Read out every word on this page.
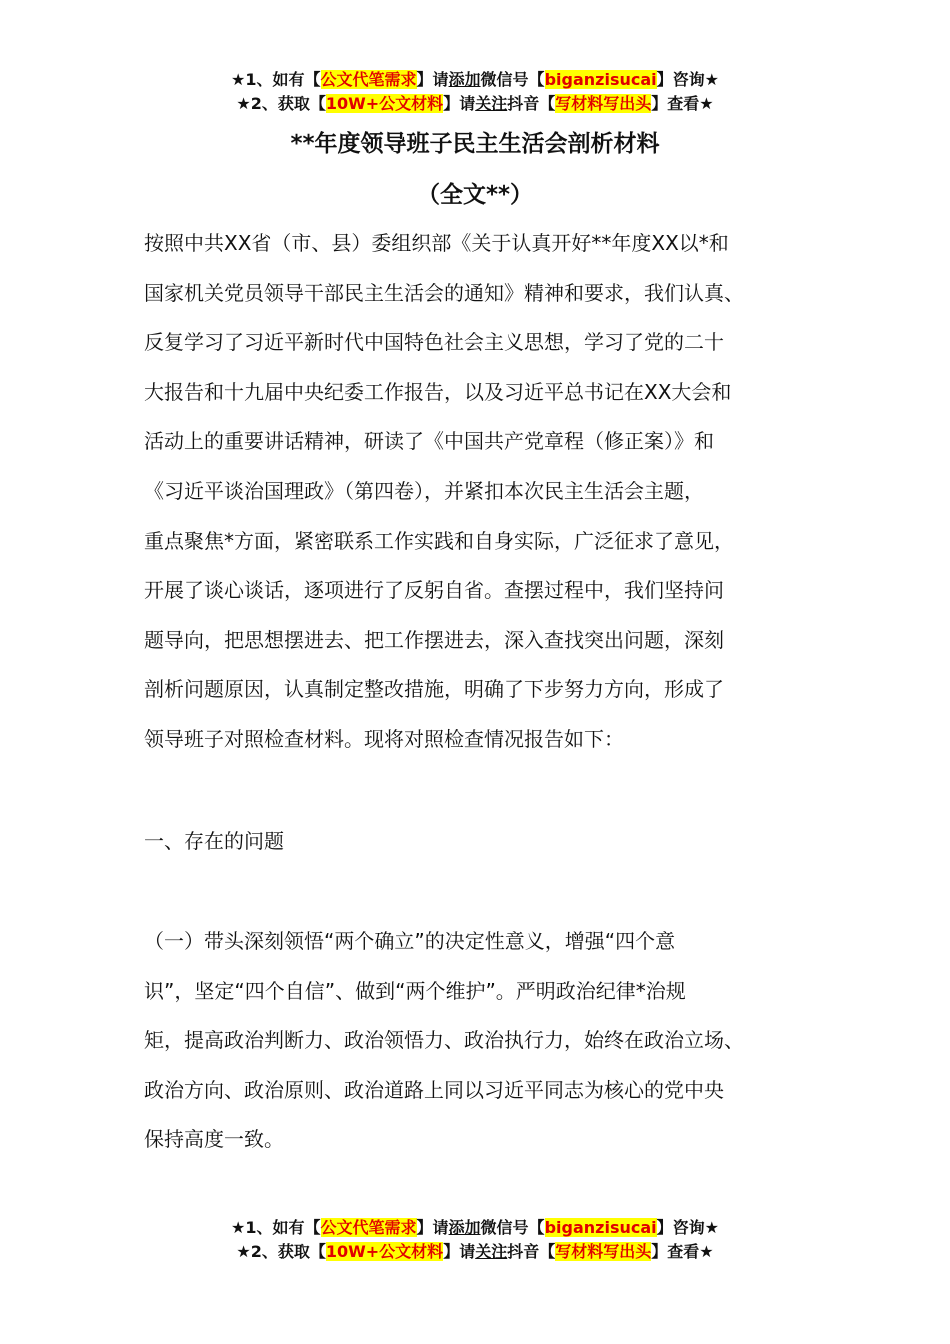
★1、如有【公文代笔需求】请添加微信号【biganzisucai】咨询★
★2、获取【10W+公文材料】请关注抖音【写材料写出头】查看★
**年度领导班子民主生活会剖析材料
（全文**）
按照中共XX省（市、县）委组织部《关于认真开好**年度XX以*和
国家机关党员领导干部民主生活会的通知》精神和要求，我们认真、
反复学习了习近平新时代中国特色社会主义思想，学习了党的二十
大报告和十九届中央纪委工作报告，以及习近平总书记在XX大会和
活动上的重要讲话精神，研读了《中国共产党章程（修正案）》和
《习近平谈治国理政》（第四卷），并紧扣本次民主生活会主题，
重点聚焦*方面，紧密联系工作实践和自身实际，广泛征求了意见，
开展了谈心谈话，逐项进行了反躬自省。查摆过程中，我们坚持问
题导向，把思想摆进去、把工作摆进去，深入查找突出问题，深刻
剖析问题原因，认真制定整改措施，明确了下步努力方向，形成了
领导班子对照检查材料。现将对照检查情况报告如下：
一、存在的问题
（一）带头深刻领悟“两个确立”的决定性意义，增强“四个意
识”，坚定“四个自信”、做到“两个维护”。严明政治纪律*治规
矩，提高政治判断力、政治领悟力、政治执行力，始终在政治立场、
政治方向、政治原则、政治道路上同以习近平同志为核心的党中央
保持高度一致。
★1、如有【公文代笔需求】请添加微信号【biganzisucai】咨询★
★2、获取【10W+公文材料】请关注抖音【写材料写出头】查看★
